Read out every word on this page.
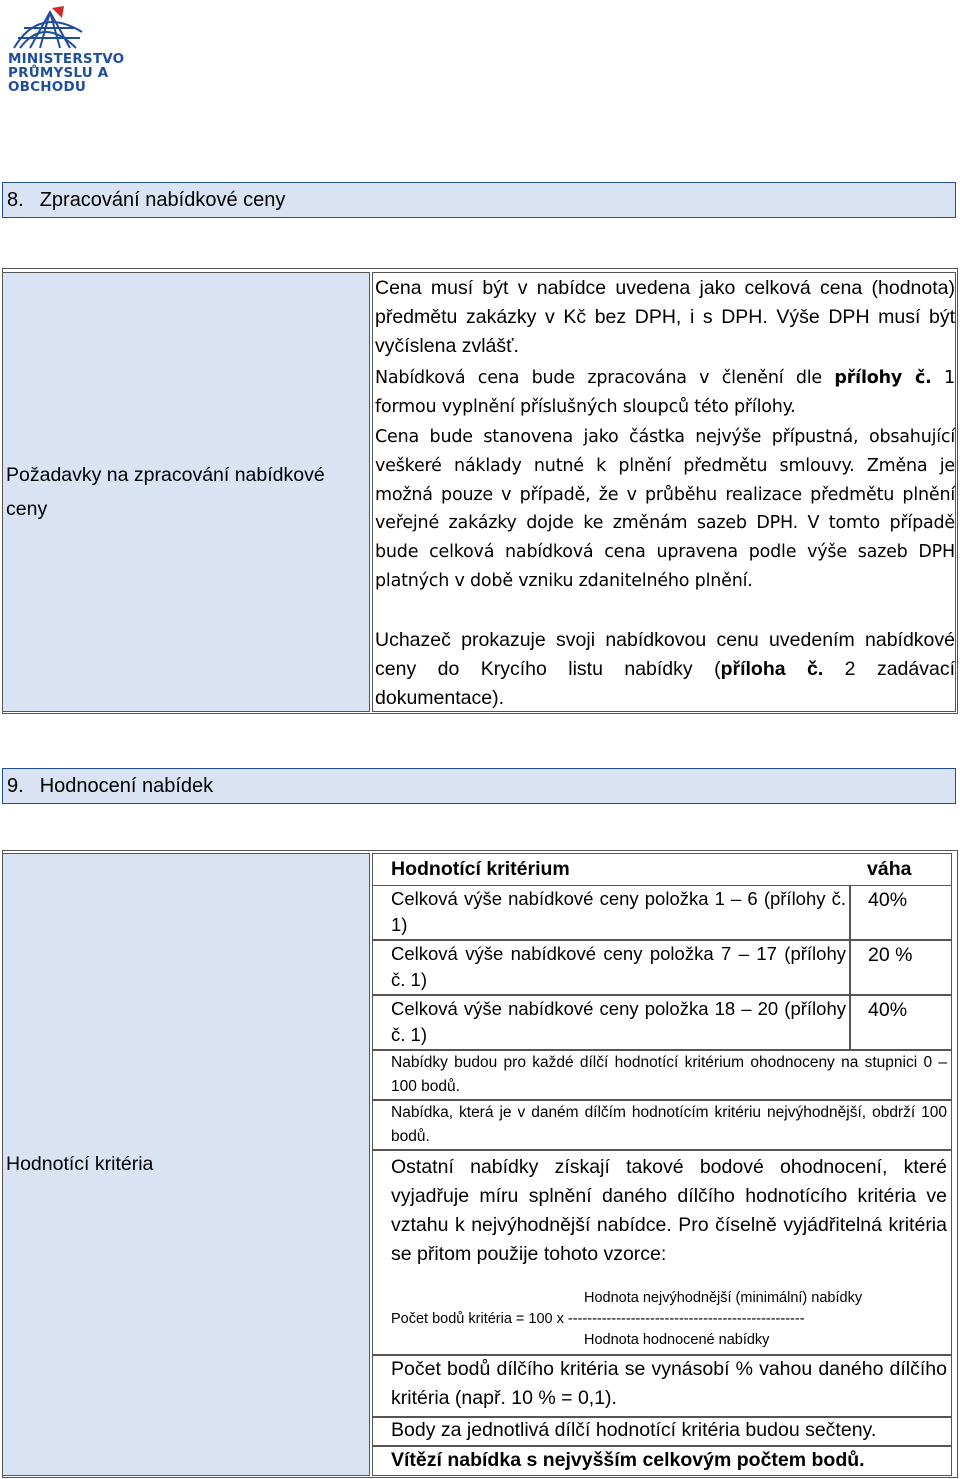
MINISTERSTVO
PRŮMYSLU A OBCHODU
8. Zpracování nabídkové ceny
Požadavky na zpracování nabídkové ceny
Cena musí být v nabídce uvedena jako celková cena (hodnota) předmětu zakázky v Kč bez DPH, i s DPH. Výše DPH musí být vyčíslena zvlášť.
Nabídková cena bude zpracována v členění dle přílohy č. 1 formou vyplnění příslušných sloupců této přílohy.
Cena bude stanovena jako částka nejvýše přípustná, obsahující veškeré náklady nutné k plnění předmětu smlouvy. Změna je možná pouze v případě, že v průběhu realizace předmětu plnění veřejné zakázky dojde ke změnám sazeb DPH. V tomto případě bude celková nabídková cena upravena podle výše sazeb DPH platných v době vzniku zdanitelného plnění.
Uchazeč prokazuje svoji nabídkovou cenu uvedením nabídkové ceny do Krycího listu nabídky (příloha č. 2 zadávací dokumentace).
9. Hodnocení nabídek
Hodnotící kritéria
Hodnotící kritérium	váha
Celková výše nabídkové ceny položka 1 – 6 (přílohy č. 1)
40%
Celková výše nabídkové ceny položka 7 – 17 (přílohy č. 1)
20 %
Celková výše nabídkové ceny položka 18 – 20 (přílohy č. 1)
40%
Nabídky budou pro každé dílčí hodnotící kritérium ohodnoceny na stupnici 0 – 100 bodů.
Nabídka, která je v daném dílčím hodnotícím kritériu nejvýhodnější, obdrží 100 bodů.
Ostatní nabídky získají takové bodové ohodnocení, které vyjadřuje míru splnění daného dílčího hodnotícího kritéria ve vztahu k nejvýhodnější nabídce. Pro číselně vyjádřitelná kritéria se přitom použije tohoto vzorce:
Hodnota nejvýhodnější (minimální) nabídky
Počet bodů kritéria = 100 x -------------------------------------------------
Hodnota hodnocené nabídky
Počet bodů dílčího kritéria se vynásobí % vahou daného dílčího kritéria (např. 10 % = 0,1).
Body za jednotlivá dílčí hodnotící kritéria budou sečteny.
Vítězí nabídka s nejvyšším celkovým počtem bodů.
